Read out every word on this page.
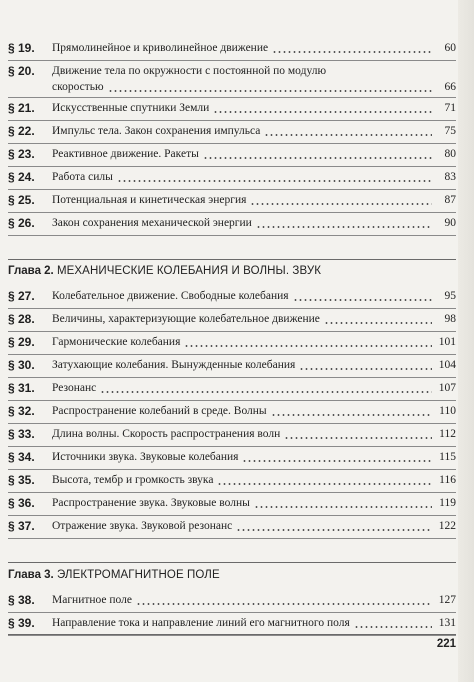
§ 19.	Прямолинейное и криволинейное движение	60
§ 20.	Движение тела по окружности с постоянной по модулю
скоростью	66
§ 21.	Искусственные спутники Земли	71
§ 22.	Импульс тела. Закон сохранения импульса	75
§ 23.	Реактивное движение. Ракеты	80
§ 24.	Работа силы	83
§ 25.	Потенциальная и кинетическая энергия	87
§ 26.	Закон сохранения механической энергии	90
Глава 2. МЕХАНИЧЕСКИЕ КОЛЕБАНИЯ И ВОЛНЫ. ЗВУК
§ 27.	Колебательное движение. Свободные колебания	95
§ 28.	Величины, характеризующие колебательное движение	98
§ 29.	Гармонические колебания	101
§ 30.	Затухающие колебания. Вынужденные колебания	104
§ 31.	Резонанс	107
§ 32.	Распространение колебаний в среде. Волны	110
§ 33.	Длина волны. Скорость распространения волн	112
§ 34.	Источники звука. Звуковые колебания	115
§ 35.	Высота, тембр и громкость звука	116
§ 36.	Распространение звука. Звуковые волны	119
§ 37.	Отражение звука. Звуковой резонанс	122
Глава 3. ЭЛЕКТРОМАГНИТНОЕ ПОЛЕ
§ 38.	Магнитное поле	127
§ 39.	Направление тока и направление линий его магнитного поля	131
221
